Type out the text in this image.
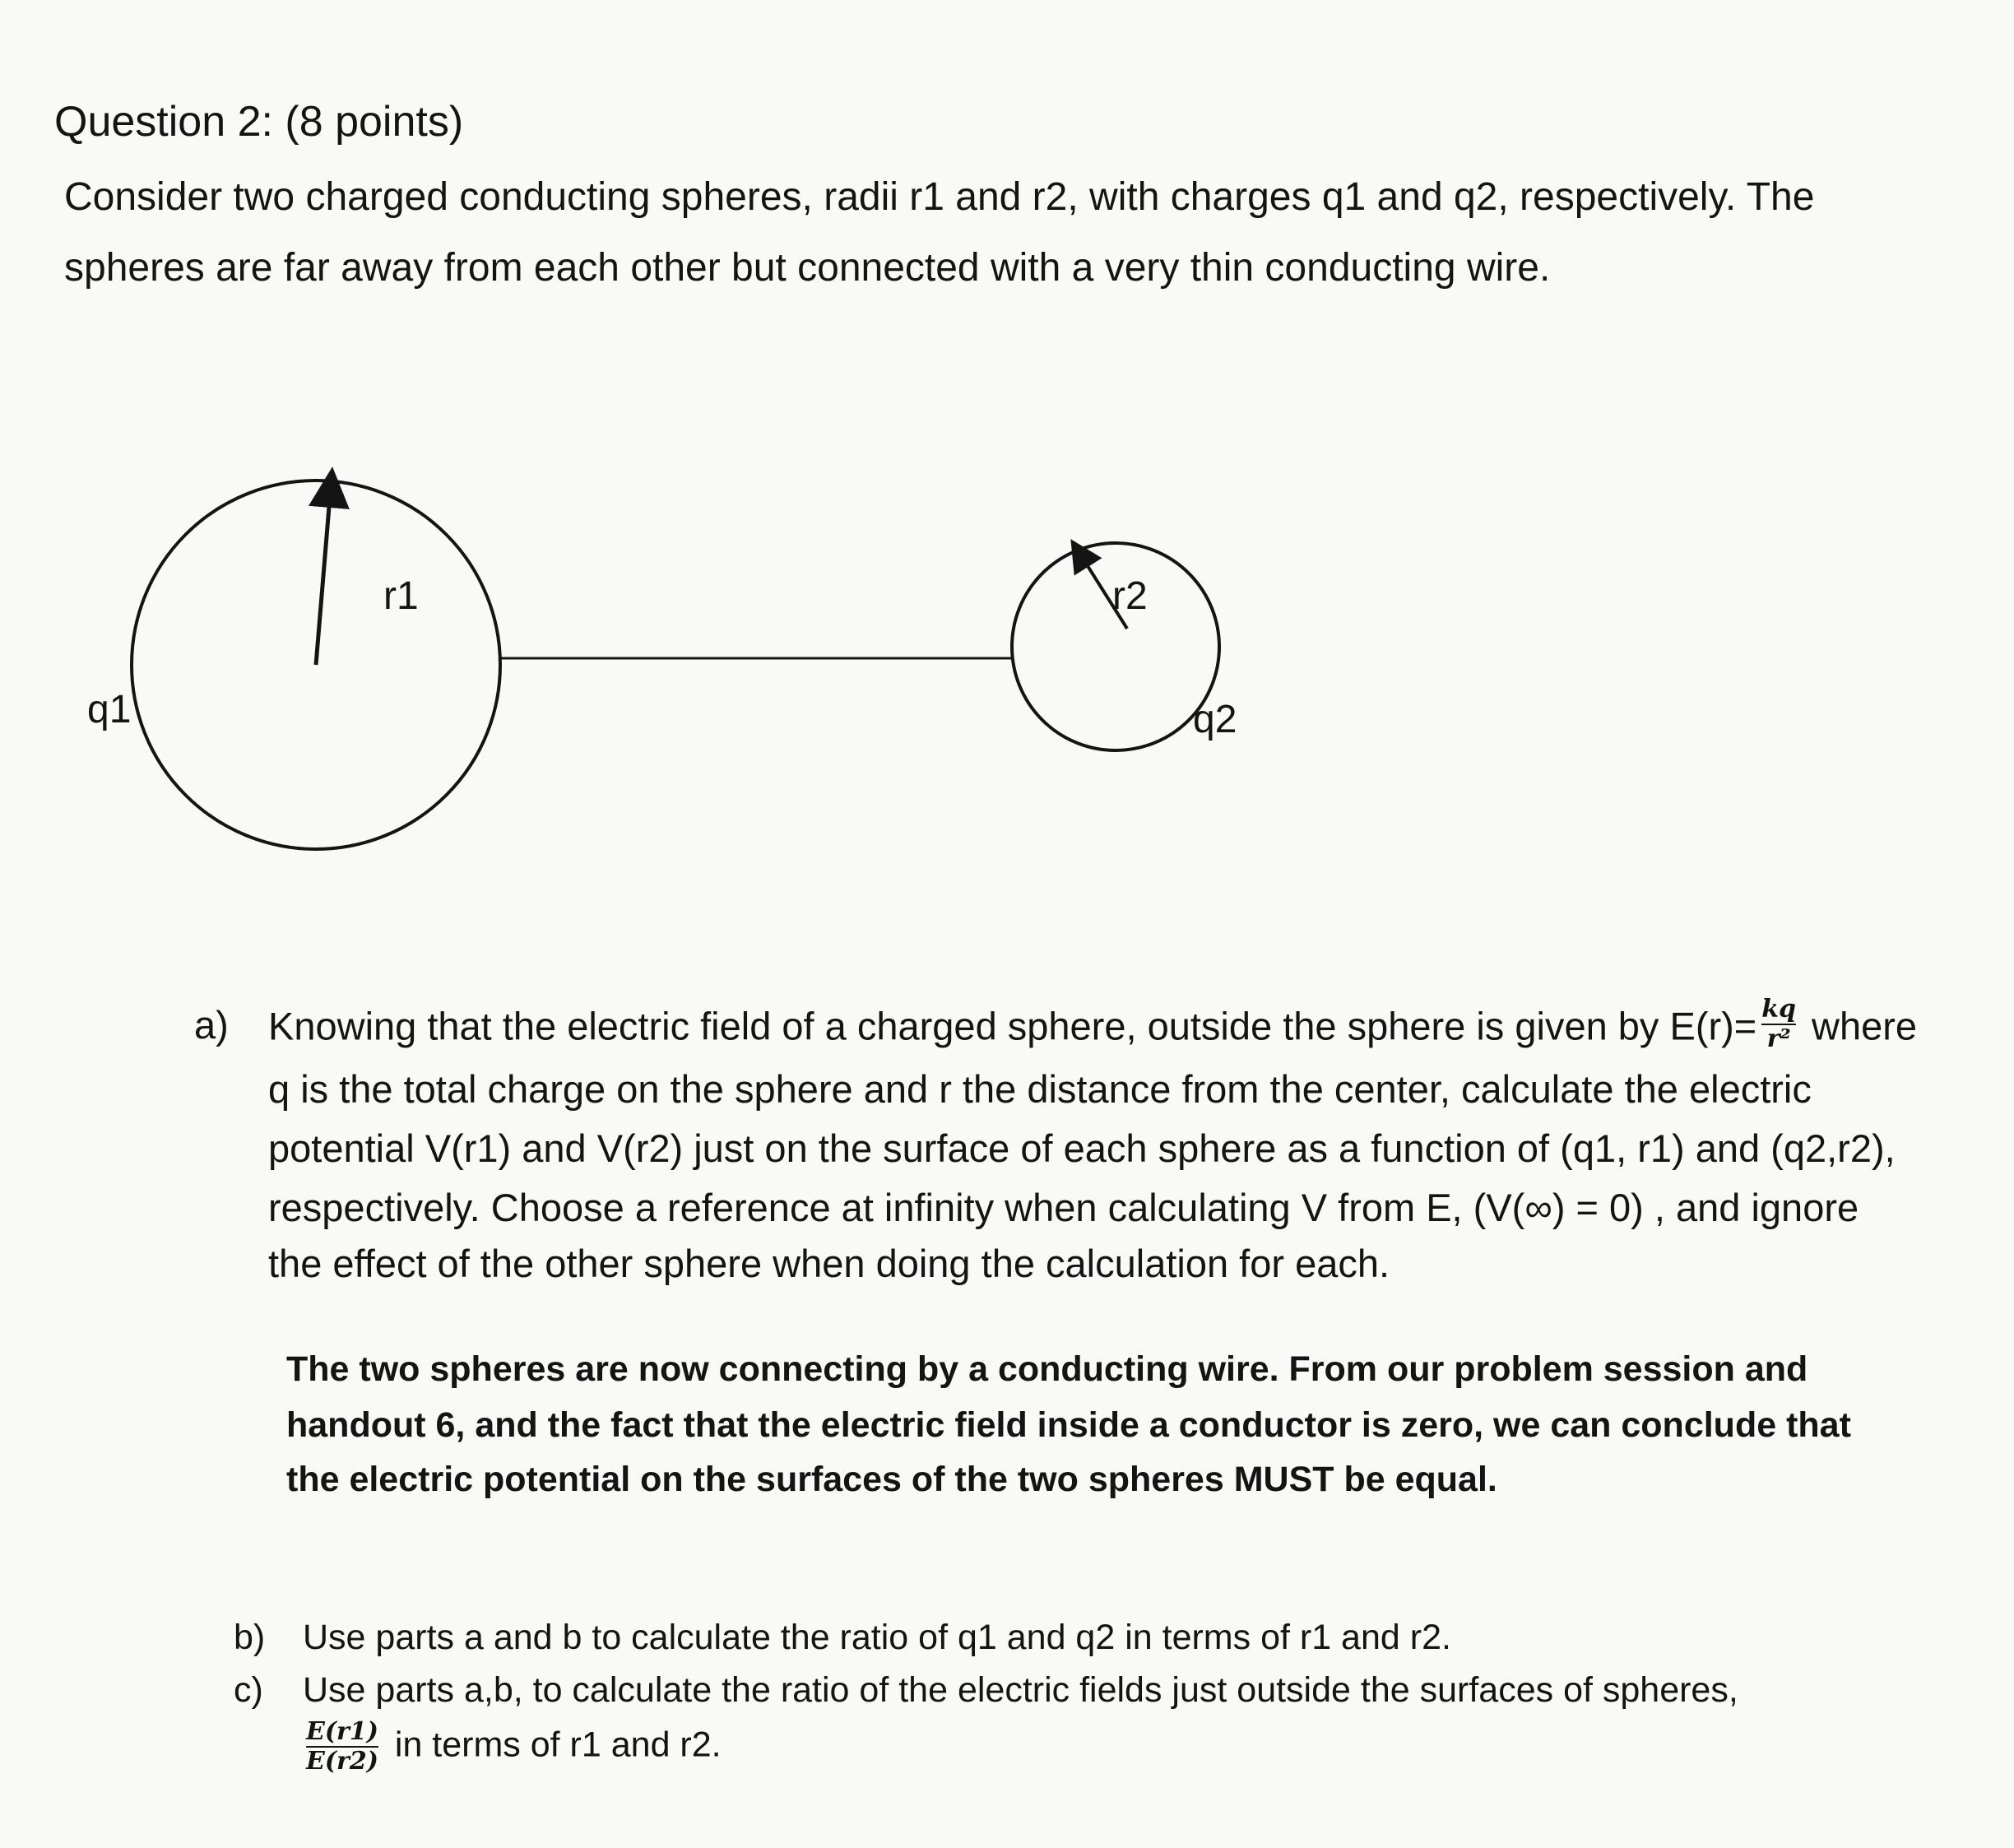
Question 2: (8 points)
Consider two charged conducting spheres, radii r1 and r2, with charges q1 and q2, respectively. The
spheres are far away from each other but connected with a very thin conducting wire.
r1
q1
r2
q2
a) Knowing that the electric field of a charged sphere, outside the sphere is given by $E(r)= \frac{kq}{\text{r²}}$ where
q is the total charge on the sphere and r the distance from the center, calculate the electric
potential V(r1) and V(r2) just on the surface of each sphere as a function of (q1, r1) and (q2,r2),
respectively. Choose a reference at infinity when calculating V from E, (V(∞) = 0) , and ignore
the effect of the other sphere when doing the calculation for each.
The two spheres are now connecting by a conducting wire. From our problem session and
handout 6, and the fact that the electric field inside a conductor is zero, we can conclude that
the electric potential on the surfaces of the two spheres MUST be equal.
b) Use parts a and b to calculate the ratio of q1 and q2 in terms of r1 and r2.
c) Use parts a,b, to calculate the ratio of the electric fields just outside the surfaces of spheres,
$\frac{E(r1)}{E(r2)}$ in terms of r1 and r2.
